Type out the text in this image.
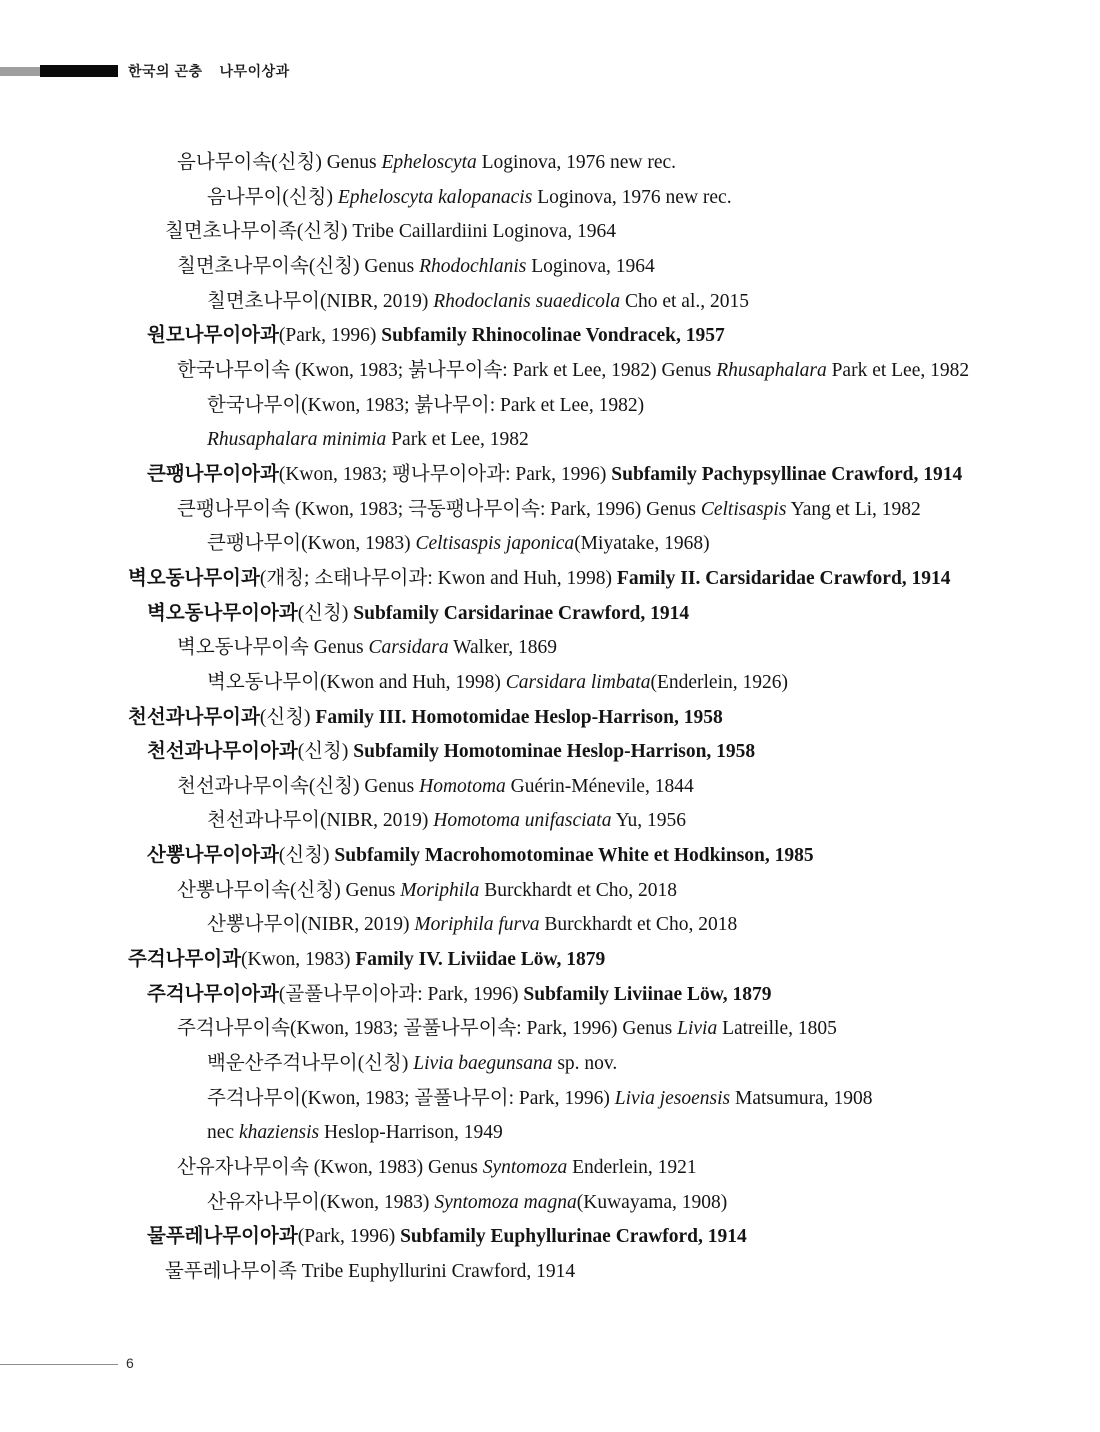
한국의 곤충 나무이상과
음나무이속(신칭) Genus Epheloscyta Loginova, 1976 new rec.
음나무이(신칭) Epheloscyta kalopanacis Loginova, 1976 new rec.
칠면초나무이족(신칭) Tribe Caillardiini Loginova, 1964
칠면초나무이속(신칭) Genus Rhodochlanis Loginova, 1964
칠면초나무이(NIBR, 2019) Rhodoclanis suaedicola Cho et al., 2015
원모나무이아과(Park, 1996) Subfamily Rhinocolinae Vondracek, 1957
한국나무이속 (Kwon, 1983; 붉나무이속: Park et Lee, 1982) Genus Rhusaphalara Park et Lee, 1982
한국나무이(Kwon, 1983; 붉나무이: Park et Lee, 1982)
Rhusaphalara minimia Park et Lee, 1982
큰팽나무이아과(Kwon, 1983; 팽나무이아과: Park, 1996) Subfamily Pachypsyllinae Crawford, 1914
큰팽나무이속 (Kwon, 1983; 극동팽나무이속: Park, 1996) Genus Celtisaspis Yang et Li, 1982
큰팽나무이(Kwon, 1983) Celtisaspis japonica(Miyatake, 1968)
벽오동나무이과(개칭; 소태나무이과: Kwon and Huh, 1998) Family II. Carsidaridae Crawford, 1914
벽오동나무이아과(신칭) Subfamily Carsidarinae Crawford, 1914
벽오동나무이속 Genus Carsidara Walker, 1869
벽오동나무이(Kwon and Huh, 1998) Carsidara limbata(Enderlein, 1926)
천선과나무이과(신칭) Family III. Homotomidae Heslop-Harrison, 1958
천선과나무이아과(신칭) Subfamily Homotominae Heslop-Harrison, 1958
천선과나무이속(신칭) Genus Homotoma Guérin-Ménevile, 1844
천선과나무이(NIBR, 2019) Homotoma unifasciata Yu, 1956
산뽕나무이아과(신칭) Subfamily Macrohomotominae White et Hodkinson, 1985
산뽕나무이속(신칭) Genus Moriphila Burckhardt et Cho, 2018
산뽕나무이(NIBR, 2019) Moriphila furva Burckhardt et Cho, 2018
주걱나무이과(Kwon, 1983) Family IV. Liviidae Löw, 1879
주걱나무이아과(골풀나무이아과: Park, 1996) Subfamily Liviinae Löw, 1879
주걱나무이속(Kwon, 1983; 골풀나무이속: Park, 1996) Genus Livia Latreille, 1805
백운산주걱나무이(신칭) Livia baegunsana sp. nov.
주걱나무이(Kwon, 1983; 골풀나무이: Park, 1996) Livia jesoensis Matsumura, 1908
nec khaziensis Heslop-Harrison, 1949
산유자나무이속 (Kwon, 1983) Genus Syntomoza Enderlein, 1921
산유자나무이(Kwon, 1983) Syntomoza magna(Kuwayama, 1908)
물푸레나무이아과(Park, 1996) Subfamily Euphyllurinae Crawford, 1914
물푸레나무이족 Tribe Euphyllurini Crawford, 1914
6
